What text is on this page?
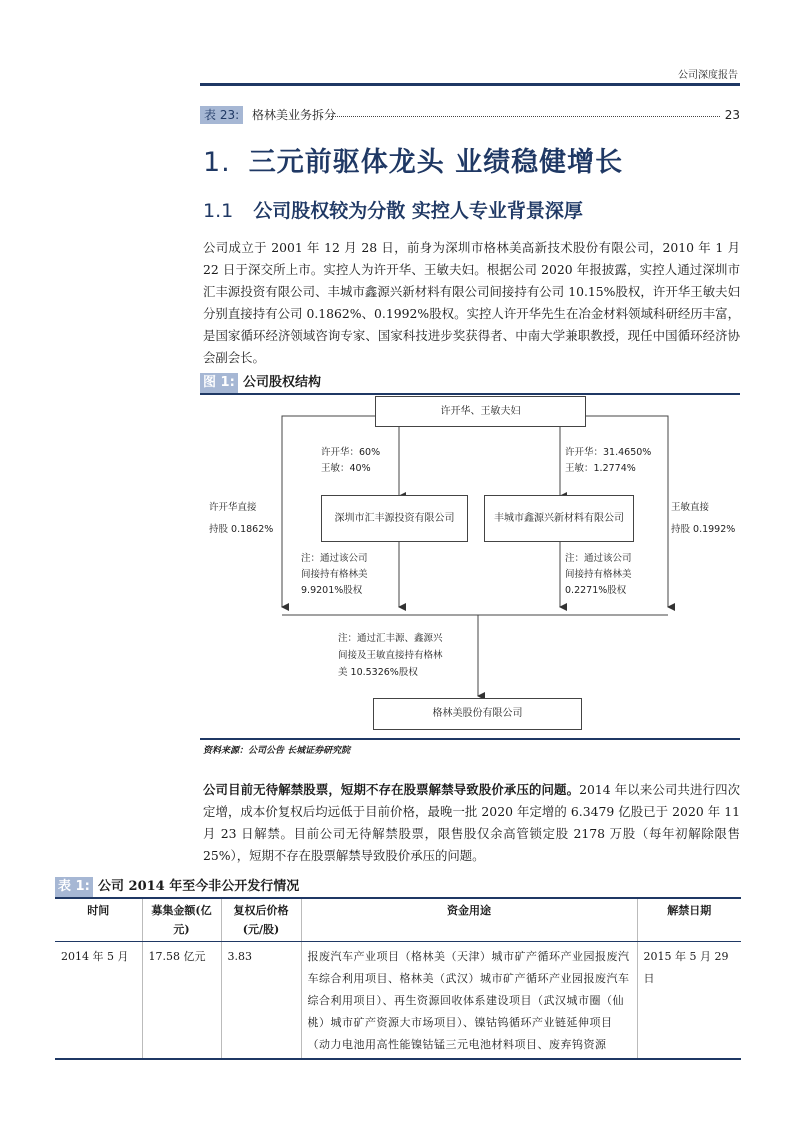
公司深度报告
表 23:	格林美业务拆分	23
1. 三元前驱体龙头 业绩稳健增长
1.1 公司股权较为分散 实控人专业背景深厚
公司成立于 2001 年 12 月 28 日，前身为深圳市格林美高新技术股份有限公司，2010 年 1 月 22 日于深交所上市。实控人为许开华、王敏夫妇。根据公司 2020 年报披露，实控人通过深圳市汇丰源投资有限公司、丰城市鑫源兴新材料有限公司间接持有公司 10.15%股权，许开华王敏夫妇分别直接持有公司 0.1862%、0.1992%股权。实控人许开华先生在冶金材料领域科研经历丰富，是国家循环经济领域咨询专家、国家科技进步奖获得者、中南大学兼职教授，现任中国循环经济协会副会长。
图 1: 公司股权结构
许开华、王敏夫妇
深圳市汇丰源投资有限公司	丰城市鑫源兴新材料有限公司
格林美股份有限公司
许开华：60%
王敏：40%
许开华：31.4650%
王敏：1.2774%
许开华直接
持股 0.1862%
王敏直接
持股 0.1992%
注：通过该公司
间接持有格林美
9.9201%股权
注：通过该公司
间接持有格林美
0.2271%股权
注：通过汇丰源、鑫源兴
间接及王敏直接持有格林
美 10.5326%股权
资料来源：公司公告 长城证券研究院
公司目前无待解禁股票，短期不存在股票解禁导致股价承压的问题。2014 年以来公司共进行四次定增，成本价复权后均远低于目前价格，最晚一批 2020 年定增的 6.3479 亿股已于 2020 年 11 月 23 日解禁。目前公司无待解禁股票，限售股仅余高管锁定股 2178 万股（每年初解除限售 25%），短期不存在股票解禁导致股价承压的问题。
表 1: 公司 2014 年至今非公开发行情况
时间	募集金额(亿元)	复权后价格(元/股)	资金用途	解禁日期
2014 年 5 月	17.58 亿元	3.83	报废汽车产业项目（格林美（天津）城市矿产循环产业园报废汽车综合利用项目、格林美（武汉）城市矿产循环产业园报废汽车综合利用项目）、再生资源回收体系建设项目（武汉城市圈（仙桃）城市矿产资源大市场项目）、镍钴钨循环产业链延伸项目（动力电池用高性能镍钴锰三元电池材料项目、废弃钨资源	2015 年 5 月 29 日
